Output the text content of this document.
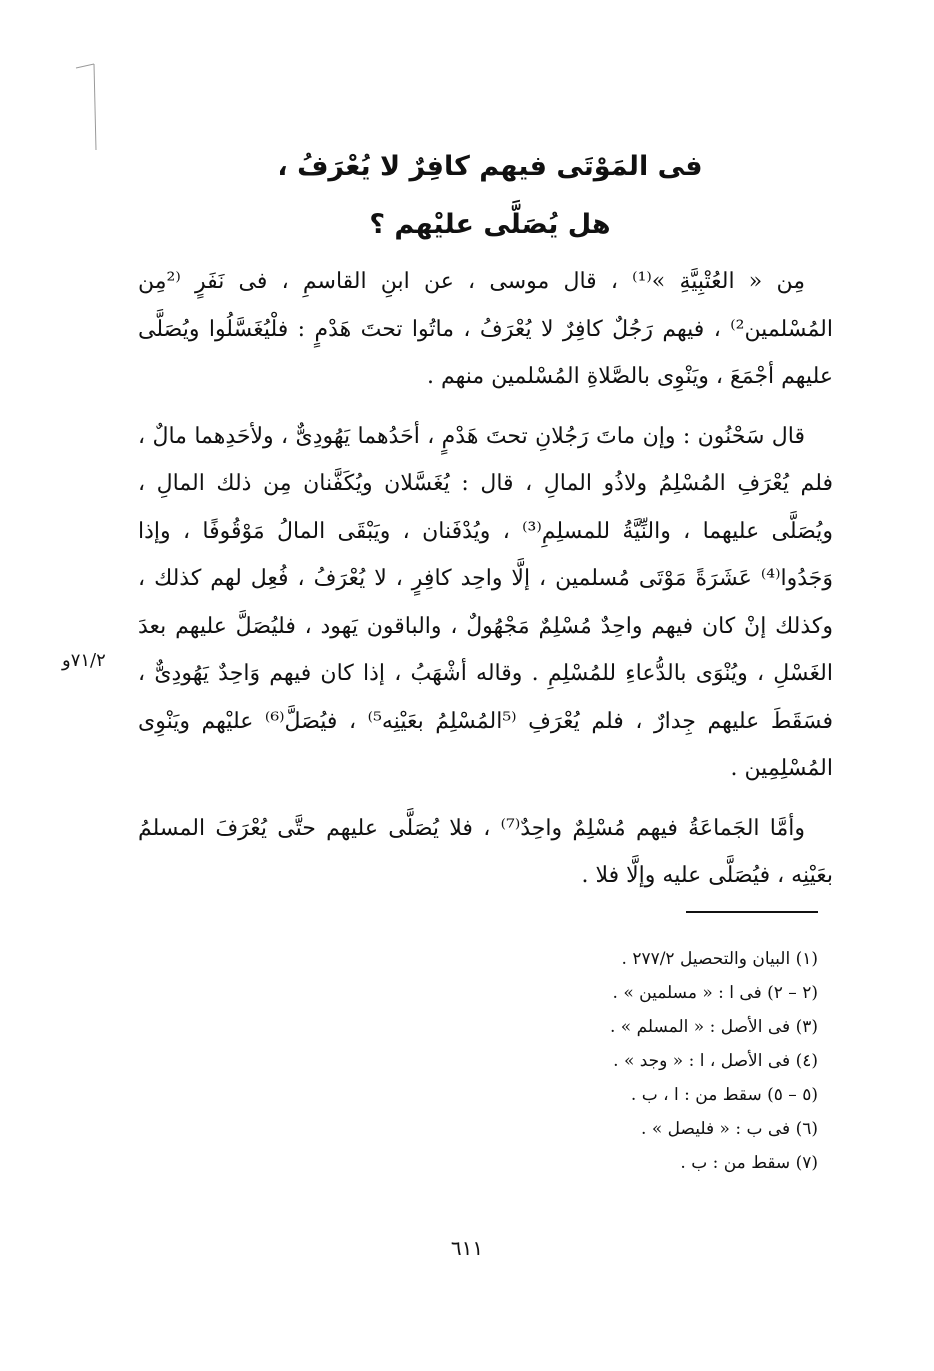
فى المَوْتَى فيهم كافِرٌ لا يُعْرَفُ ،
هل يُصَلَّى عليْهم ؟

مِن « العُتْبِيَّةِ »⁽¹⁾ ، قال موسى ، عن ابنِ القاسمِ ، فى نَفَرٍ ⁽²مِن المُسْلمين²⁾ ، فيهم رَجُلٌ كافِرٌ لا يُعْرَفُ ، ماتُوا تحتَ هَدْمٍ : فلْيُغَسَّلُوا ويُصَلَّى عليهم أجْمَعَ ، ويَنْوِى بالصَّلاةِ المُسْلمين منهم .

قال سَحْنُون : وإن ماتَ رَجُلانِ تحتَ هَدْمٍ ، أحَدُهما يَهُودِىٌّ ، ولأحَدِهما مالٌ ، فلم يُعْرَفِ المُسْلِمُ ولاذُو المالِ ، قال : يُغَسَّلان ويُكَفَّنان مِن ذلك المالِ ، ويُصَلَّى عليهما ، والنِّيَّةُ للمسلِمِ⁽³⁾ ، ويُدْفَنان ، ويَبْقَى المالُ مَوْقُوفًا ، وإذا وَجَدُوا⁽⁴⁾ عَشَرَةً مَوْتَى مُسلمين ، إلَّا واحِد كافِرٍ ، لا يُعْرَفُ ، فُعِل لهم كذلك ، وكذلك إنْ كان فيهم واحِدٌ مُسْلِمٌ مَجْهُولٌ ، والباقون يَهود ، فليُصَلَّ عليهم بعدَ الغَسْلِ ، ويُنْوَى بالدُّعاءِ للمُسْلِمِ . وقاله أشْهَبُ ، إذا كان فيهم وَاحِدٌ يَهُودِىٌّ ، فسَقَطَ عليهم جِدارٌ ، فلم يُعْرَفِ ⁽⁵المُسْلِمُ بعَيْنِه⁵⁾ ، فيُصَلَّ⁽⁶⁾ عليْهم ويَنْوِى المُسْلِمِين .

وأمَّا الجَماعَةُ فيهم مُسْلِمٌ واحِدٌ⁽⁷⁾ ، فلا يُصَلَّى عليهم حتَّى يُعْرَفَ المسلمُ بعَيْنِه ، فيُصَلَّى عليه وإلَّا فلا .

٧١/٢و
(١) البيان والتحصيل ٢٧٧/٢ .
(٢ – ٢) فى ا : « مسلمين » .
(٣) فى الأصل : « المسلم » .
(٤) فى الأصل ، ا : « وجد » .
(٥ – ٥) سقط من : ا ، ب .
(٦) فى ب : « فليصل » .
(٧) سقط من : ب .
٦١١
